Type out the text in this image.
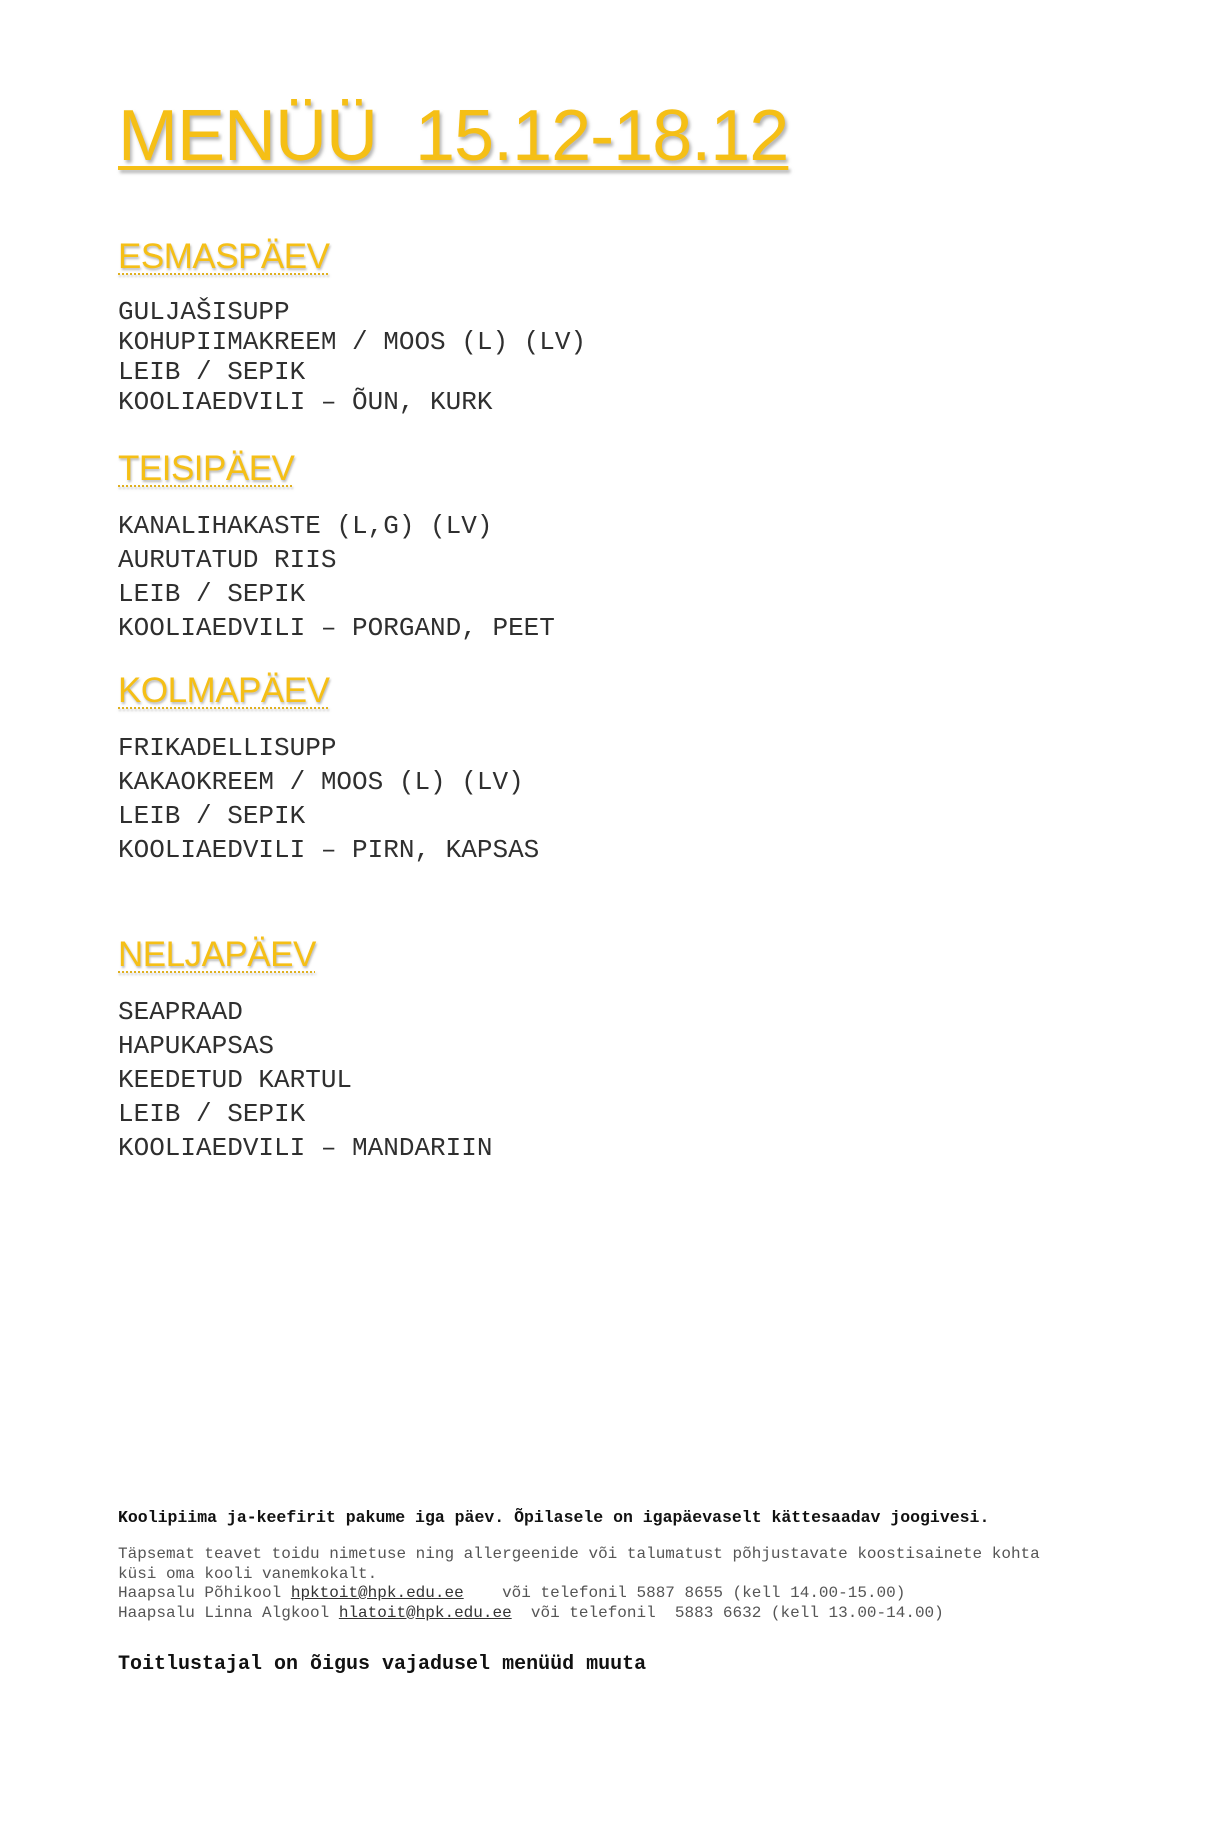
MENÜÜ  15.12-18.12
ESMASPÄEV
GULJAŠISUPP
KOHUPIIMAKREEM / MOOS (L) (LV)
LEIB / SEPIK
KOOLIAEDVILI – ÕUN, KURK
TEISIPÄEV
KANALIHAKASTE (L,G) (LV)
AURUTATUD RIIS
LEIB / SEPIK
KOOLIAEDVILI – PORGAND, PEET
KOLMAPÄEV
FRIKADELLISUPP
KAKAOKREEM / MOOS (L) (LV)
LEIB / SEPIK
KOOLIAEDVILI – PIRN, KAPSAS
NELJAPÄEV
SEAPRAAD
HAPUKAPSAS
KEEDETUD KARTUL
LEIB / SEPIK
KOOLIAEDVILI – MANDARIIN

Koolipiima ja-keefirit pakume iga päev. Õpilasele on igapäevaselt kättesaadav joogivesi.

Täpsemat teavet toidu nimetuse ning allergeenide või talumatust põhjustavate koostisainete kohta

küsi oma kooli vanemkokalt.

Haapsalu Põhikool hpktoit@hpk.edu.ee või telefonil 5887 8655 (kell 14.00-15.00)

Haapsalu Linna Algkool hlatoit@hpk.edu.ee või telefonil  5883 6632 (kell 13.00-14.00)

Toitlustajal on õigus vajadusel menüüd muuta
